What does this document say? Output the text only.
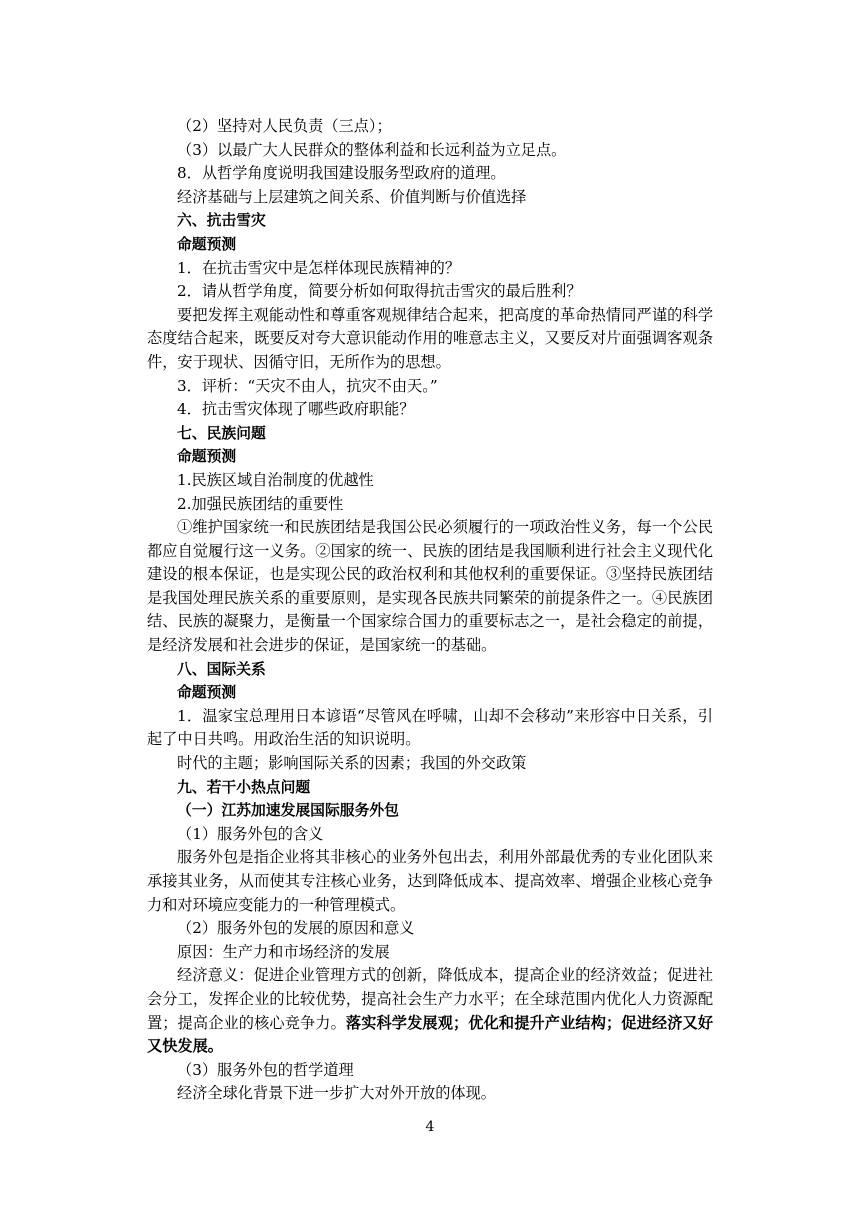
（2）坚持对人民负责（三点）；
（3）以最广大人民群众的整体利益和长远利益为立足点。
8．从哲学角度说明我国建设服务型政府的道理。
经济基础与上层建筑之间关系、价值判断与价值选择
六、抗击雪灾
命题预测
1．在抗击雪灾中是怎样体现民族精神的？
2．请从哲学角度，简要分析如何取得抗击雪灾的最后胜利？
要把发挥主观能动性和尊重客观规律结合起来，把高度的革命热情同严谨的科学态度结合起来，既要反对夸大意识能动作用的唯意志主义，又要反对片面强调客观条件，安于现状、因循守旧，无所作为的思想。
3．评析：“天灾不由人，抗灾不由天。”
4．抗击雪灾体现了哪些政府职能？
七、民族问题
命题预测
1.民族区域自治制度的优越性
2.加强民族团结的重要性
①维护国家统一和民族团结是我国公民必须履行的一项政治性义务，每一个公民都应自觉履行这一义务。②国家的统一、民族的团结是我国顺利进行社会主义现代化建设的根本保证，也是实现公民的政治权利和其他权利的重要保证。③坚持民族团结是我国处理民族关系的重要原则，是实现各民族共同繁荣的前提条件之一。④民族团结、民族的凝聚力，是衡量一个国家综合国力的重要标志之一，是社会稳定的前提，是经济发展和社会进步的保证，是国家统一的基础。
八、国际关系
命题预测
1．温家宝总理用日本谚语“尽管风在呼啸，山却不会移动”来形容中日关系，引起了中日共鸣。用政治生活的知识说明。
时代的主题；影响国际关系的因素；我国的外交政策
九、若干小热点问题
（一）江苏加速发展国际服务外包
（1）服务外包的含义
服务外包是指企业将其非核心的业务外包出去，利用外部最优秀的专业化团队来承接其业务，从而使其专注核心业务，达到降低成本、提高效率、增强企业核心竞争力和对环境应变能力的一种管理模式。
（2）服务外包的发展的原因和意义
原因：生产力和市场经济的发展
经济意义：促进企业管理方式的创新，降低成本，提高企业的经济效益；促进社会分工，发挥企业的比较优势，提高社会生产力水平；在全球范围内优化人力资源配置；提高企业的核心竞争力。落实科学发展观；优化和提升产业结构；促进经济又好又快发展。
（3）服务外包的哲学道理
经济全球化背景下进一步扩大对外开放的体现。
4
